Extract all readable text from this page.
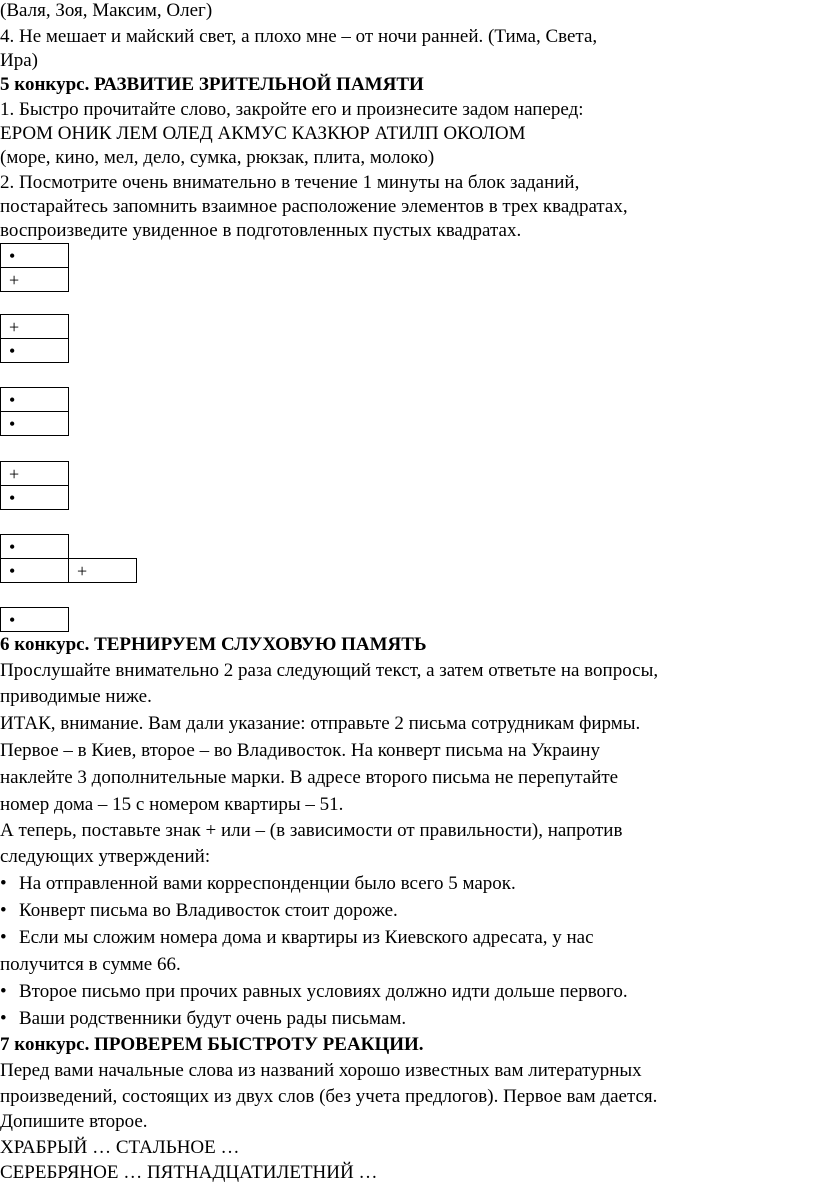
(Валя, Зоя, Максим, Олег)
4. Не мешает и майский свет, а плохо мне – от ночи ранней. (Тима, Света,
Ира)
5 конкурс. РАЗВИТИЕ ЗРИТЕЛЬНОЙ ПАМЯТИ
1. Быстро прочитайте слово, закройте его и произнесите задом наперед:
ЕРОМ ОНИК ЛЕМ ОЛЕД АКМУС КАЗКЮР АТИЛП ОКОЛОМ
(море, кино, мел, дело, сумка, рюкзак, плита, молоко)
2. Посмотрите очень внимательно в течение 1 минуты на блок заданий,
постарайтесь запомнить взаимное расположение элементов в трех квадратах,
воспроизведите увиденное в подготовленных пустых квадратах.
•
+
+
•
•
•
+
•
•	
•	+
•
6 конкурс. ТЕРНИРУЕМ СЛУХОВУЮ ПАМЯТЬ
Прослушайте внимательно 2 раза следующий текст, а затем ответьте на вопросы,
приводимые ниже.
ИТАК, внимание. Вам дали указание: отправьте 2 письма сотрудникам фирмы.
Первое – в Киев, второе – во Владивосток. На конверт письма на Украину
наклейте 3 дополнительные марки. В адресе второго письма не перепутайте
номер дома – 15 с номером квартиры – 51.
А теперь, поставьте знак + или – (в зависимости от правильности), напротив
следующих утверждений:
• На отправленной вами корреспонденции было всего 5 марок.
• Конверт письма во Владивосток стоит дороже.
• Если мы сложим номера дома и квартиры из Киевского адресата, у нас
получится в сумме 66.
• Второе письмо при прочих равных условиях должно идти дольше первого.
• Ваши родственники будут очень рады письмам.
7 конкурс. ПРОВЕРЕМ БЫСТРОТУ РЕАКЦИИ.
Перед вами начальные слова из названий хорошо известных вам литературных
произведений, состоящих из двух слов (без учета предлогов). Первое вам дается.
Допишите второе.
ХРАБРЫЙ … СТАЛЬНОЕ …
СЕРЕБРЯНОЕ … ПЯТНАДЦАТИЛЕТНИЙ …
